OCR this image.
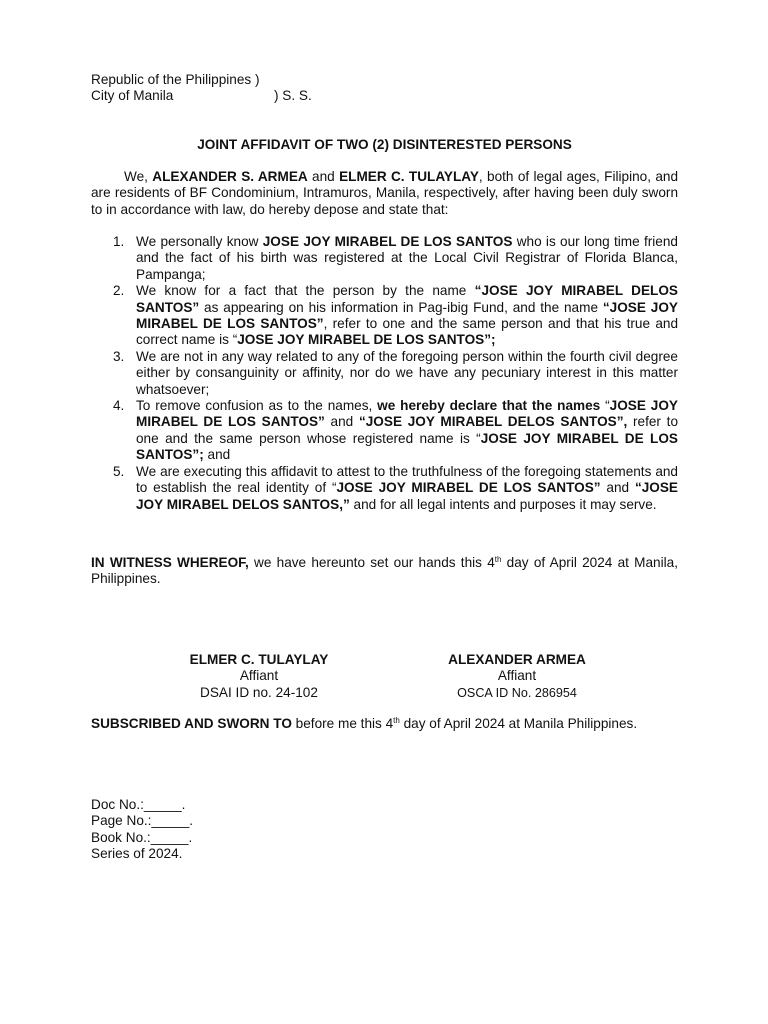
Republic of the Philippines )
City of Manila	) S. S.
JOINT AFFIDAVIT OF TWO (2) DISINTERESTED PERSONS
We, ALEXANDER S. ARMEA and ELMER C. TULAYLAY, both of legal ages, Filipino, and are residents of BF Condominium, Intramuros, Manila, respectively, after having been duly sworn to in accordance with law, do hereby depose and state that:
1. We personally know JOSE JOY MIRABEL DE LOS SANTOS who is our long time friend and the fact of his birth was registered at the Local Civil Registrar of Florida Blanca, Pampanga;
2. We know for a fact that the person by the name “JOSE JOY MIRABEL DELOS SANTOS” as appearing on his information in Pag-ibig Fund, and the name “JOSE JOY MIRABEL DE LOS SANTOS”, refer to one and the same person and that his true and correct name is “JOSE JOY MIRABEL DE LOS SANTOS”;
3. We are not in any way related to any of the foregoing person within the fourth civil degree either by consanguinity or affinity, nor do we have any pecuniary interest in this matter whatsoever;
4. To remove confusion as to the names, we hereby declare that the names “JOSE JOY MIRABEL DE LOS SANTOS” and “JOSE JOY MIRABEL DELOS SANTOS”, refer to one and the same person whose registered name is “JOSE JOY MIRABEL DE LOS SANTOS”; and
5. We are executing this affidavit to attest to the truthfulness of the foregoing statements and to establish the real identity of “JOSE JOY MIRABEL DE LOS SANTOS” and “JOSE JOY MIRABEL DELOS SANTOS,” and for all legal intents and purposes it may serve.
IN WITNESS WHEREOF, we have hereunto set our hands this 4th day of April 2024 at Manila, Philippines.
ELMER C. TULAYLAY
Affiant
DSAI ID no. 24-102
ALEXANDER ARMEA
Affiant
OSCA ID No. 286954
SUBSCRIBED AND SWORN TO before me this 4th day of April 2024 at Manila Philippines.
Doc No.:_____.
Page No.:_____.
Book No.:_____.
Series of 2024.
